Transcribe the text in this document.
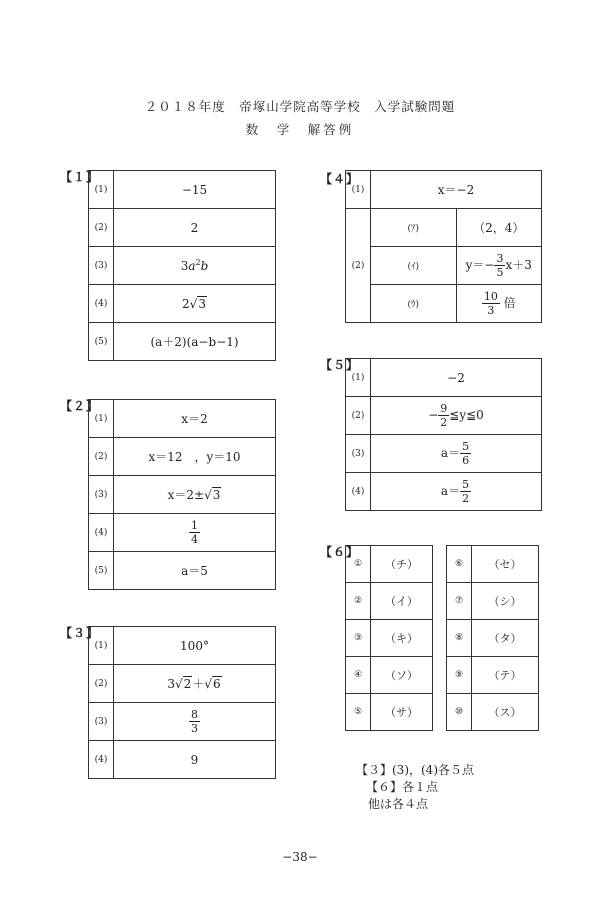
２０１８年度　帝塚山学院高等学校　入学試験問題
数　学　解答例
【１】
(1)	−15
(2)	2
(3)	$3a^2b$
(4)	2√3
(5)	(a＋2)(a−b−1)
【２】
(1)	x＝2
(2)	x＝12　，y＝10
(3)	x＝2±√3
(4)	$\frac{1}{4}$

(5)	a＝5
【３】
(1)	100°
(2)	3√2＋√6
(3)	$\frac{8}{3}$

(4)	9
【４】
(1)	x＝−2	
(2)	(ｱ)	（2，4）
	(ｲ)	$y=- \frac{3}{5} x+3$
	(ｳ)	$\frac{10}{3}$ 倍
【５】
(1)	−2
(2)	− $\frac{9}{2}$ ≦y≦0
(3)	$a= \frac{5}{6}$

(4)	$a= \frac{5}{2}$
【６】
①	（チ）
②	（イ）
③	（キ）
④	（ソ）
⑤	（サ）
⑥	（セ）
⑦	（シ）
⑧	（タ）
⑨	（テ）
⑩	（ス）
【３】(3)，(4)各５点
【６】各１点
他は各４点
−38−
